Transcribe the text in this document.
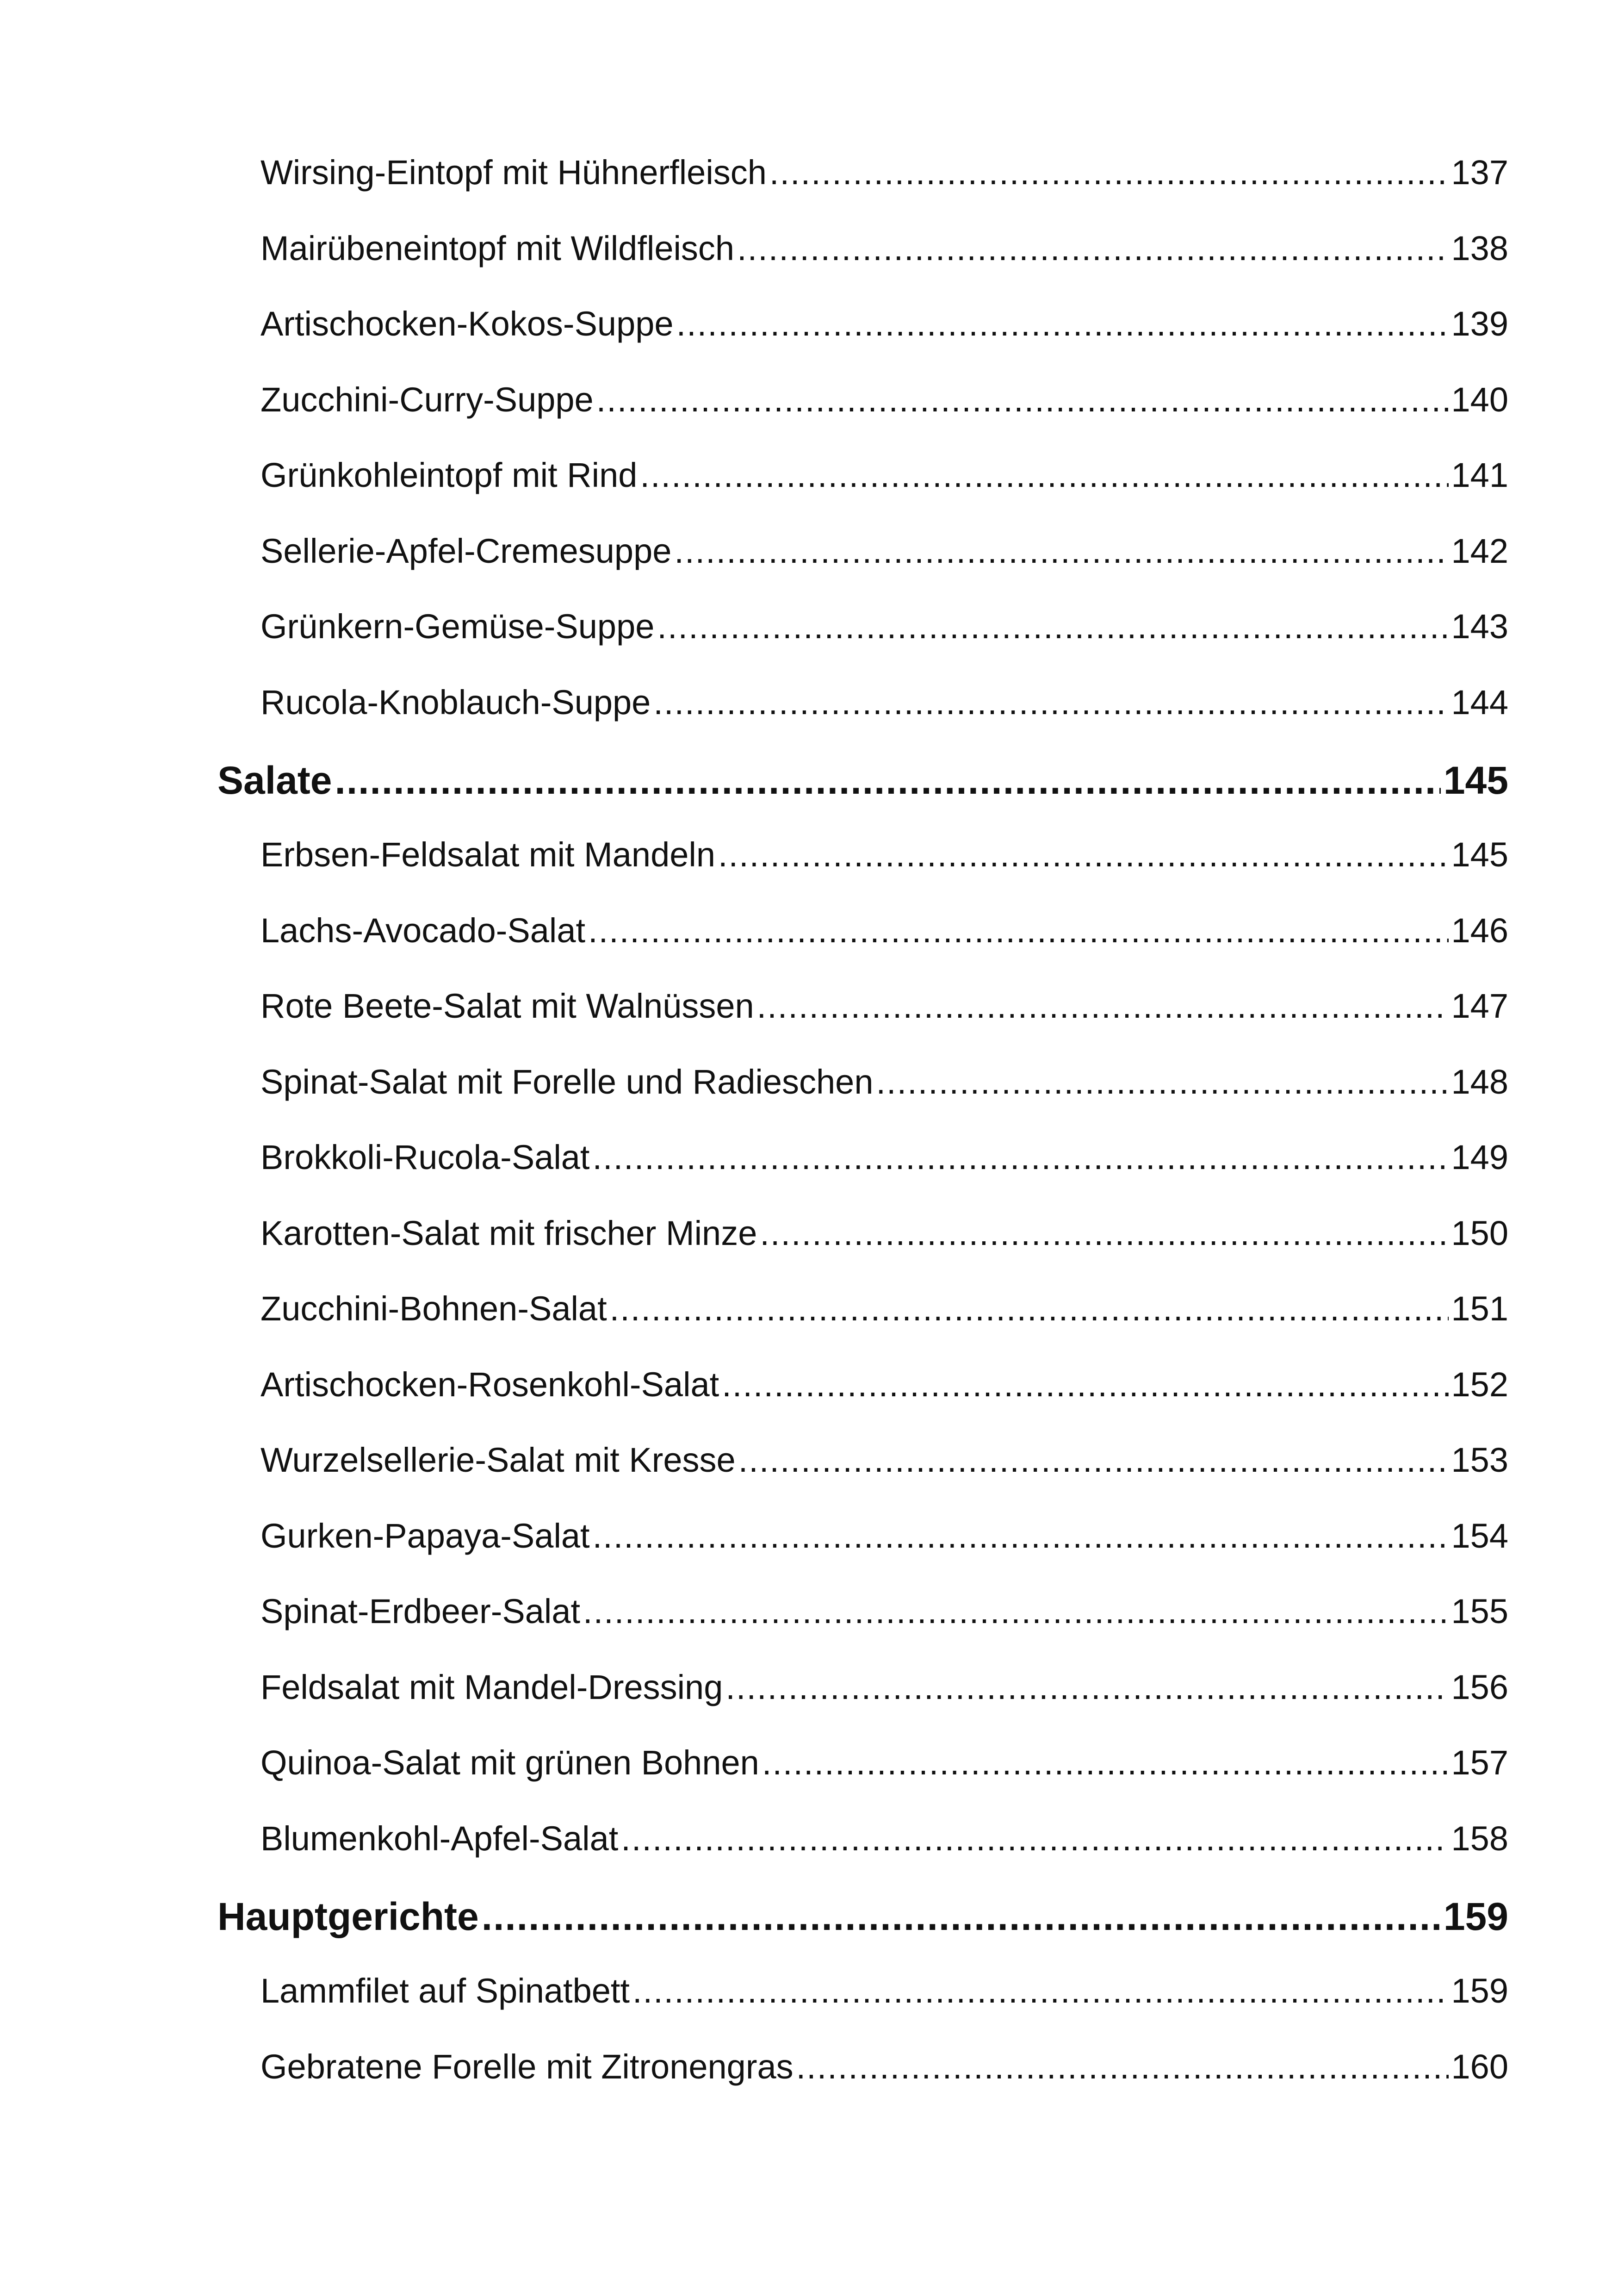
Wirsing-Eintopf mit Hühnerfleisch .....	137
Mairübeneintopf mit Wildfleisch .....	138
Artischocken-Kokos-Suppe .....	139
Zucchini-Curry-Suppe .....	140
Grünkohleintopf mit Rind .....	141
Sellerie-Apfel-Cremesuppe .....	142
Grünkern-Gemüse-Suppe .....	143
Rucola-Knoblauch-Suppe .....	144
Salate .....	145
Erbsen-Feldsalat mit Mandeln .....	145
Lachs-Avocado-Salat .....	146
Rote Beete-Salat mit Walnüssen .....	147
Spinat-Salat mit Forelle und Radieschen .....	148
Brokkoli-Rucola-Salat .....	149
Karotten-Salat mit frischer Minze .....	150
Zucchini-Bohnen-Salat .....	151
Artischocken-Rosenkohl-Salat .....	152
Wurzelsellerie-Salat mit Kresse .....	153
Gurken-Papaya-Salat .....	154
Spinat-Erdbeer-Salat .....	155
Feldsalat mit Mandel-Dressing .....	156
Quinoa-Salat mit grünen Bohnen .....	157
Blumenkohl-Apfel-Salat .....	158
Hauptgerichte .....	159
Lammfilet auf Spinatbett .....	159
Gebratene Forelle mit Zitronengras .....	160
